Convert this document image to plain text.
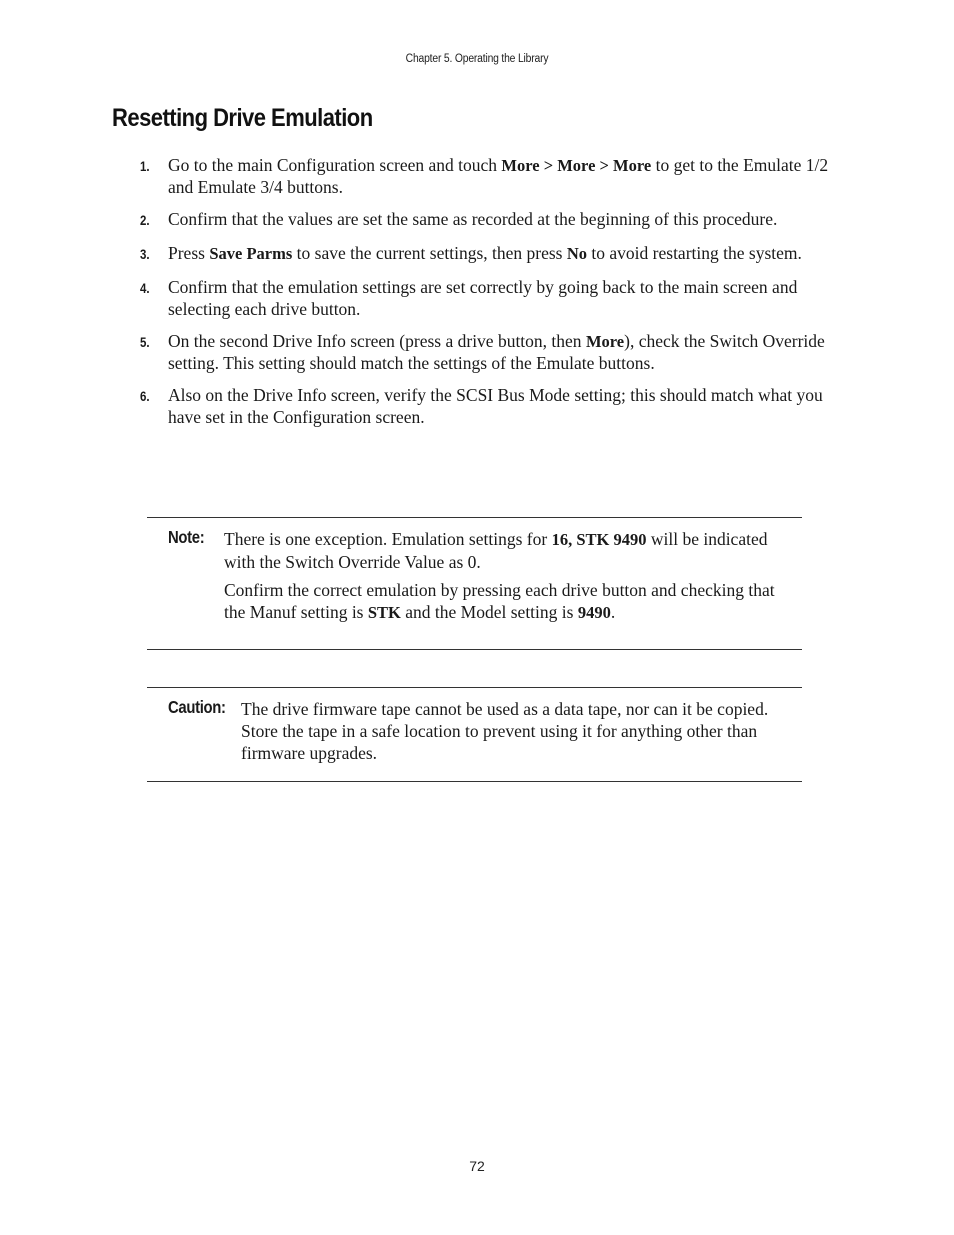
Chapter 5. Operating the Library
Resetting Drive Emulation
1.	Go to the main Configuration screen and touch More > More > More to get to the Emulate 1/2 and Emulate 3/4 buttons.
2.	Confirm that the values are set the same as recorded at the beginning of this procedure.
3.	Press Save Parms to save the current settings, then press No to avoid restarting the system.
4.	Confirm that the emulation settings are set correctly by going back to the main screen and selecting each drive button.
5.	On the second Drive Info screen (press a drive button, then More), check the Switch Override setting. This setting should match the settings of the Emulate buttons.
6.	Also on the Drive Info screen, verify the SCSI Bus Mode setting; this should match what you have set in the Configuration screen.
Note: There is one exception. Emulation settings for 16, STK 9490 will be indicated with the Switch Override Value as 0.

Confirm the correct emulation by pressing each drive button and checking that the Manuf setting is STK and the Model setting is 9490.

Caution: The drive firmware tape cannot be used as a data tape, nor can it be copied. Store the tape in a safe location to prevent using it for anything other than firmware upgrades.

72
